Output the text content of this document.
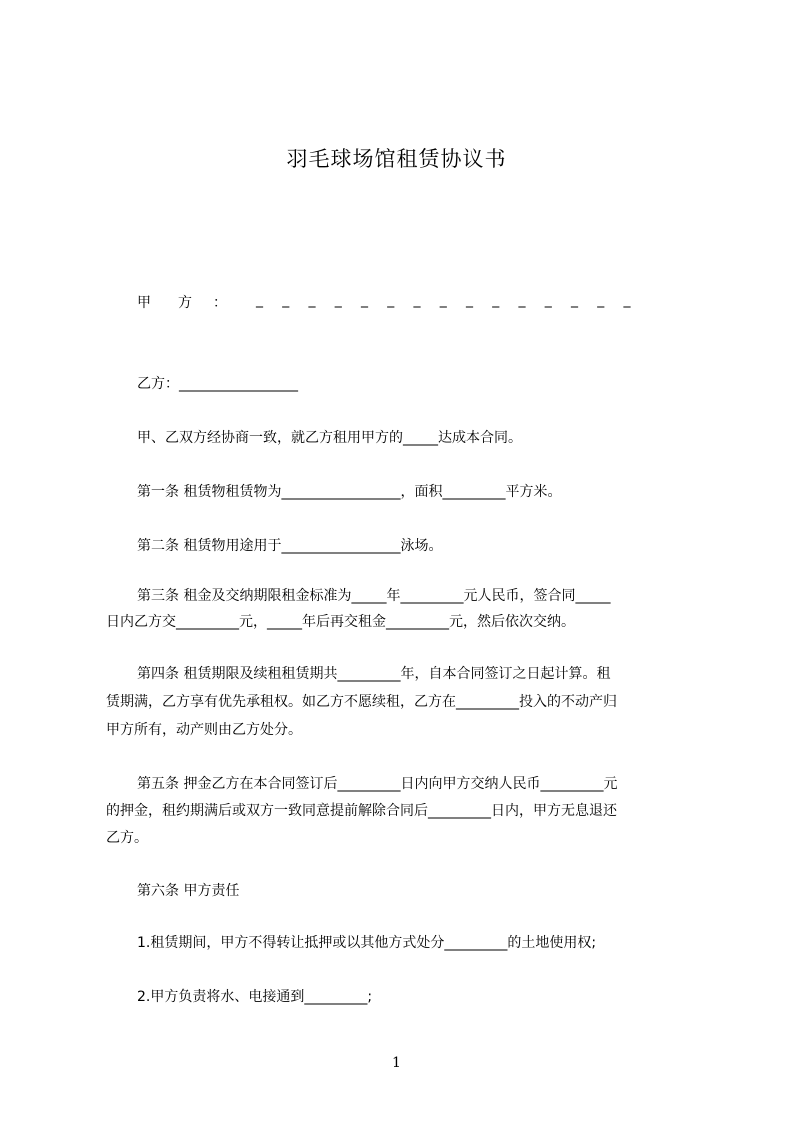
羽毛球场馆租赁协议书
甲 方 ： _ _ _ _ _ _ _ _ _ _ _ _ _ _ _
乙方：_________________
甲、乙双方经协商一致，就乙方租用甲方的_____达成本合同。
第一条 租赁物租赁物为_________________，面积_________平方米。
第二条 租赁物用途用于_________________泳场。
第三条 租金及交纳期限租金标准为_____年_________元人民币，签合同_____
日内乙方交_________元，_____年后再交租金_________元，然后依次交纳。
第四条 租赁期限及续租租赁期共_________年，自本合同签订之日起计算。租
赁期满，乙方享有优先承租权。如乙方不愿续租，乙方在_________投入的不动产归
甲方所有，动产则由乙方处分。
第五条 押金乙方在本合同签订后_________日内向甲方交纳人民币_________元
的押金，租约期满后或双方一致同意提前解除合同后_________日内，甲方无息退还
乙方。
第六条 甲方责任
1.租赁期间，甲方不得转让抵押或以其他方式处分_________的土地使用权;
2.甲方负责将水、电接通到_________;
1
